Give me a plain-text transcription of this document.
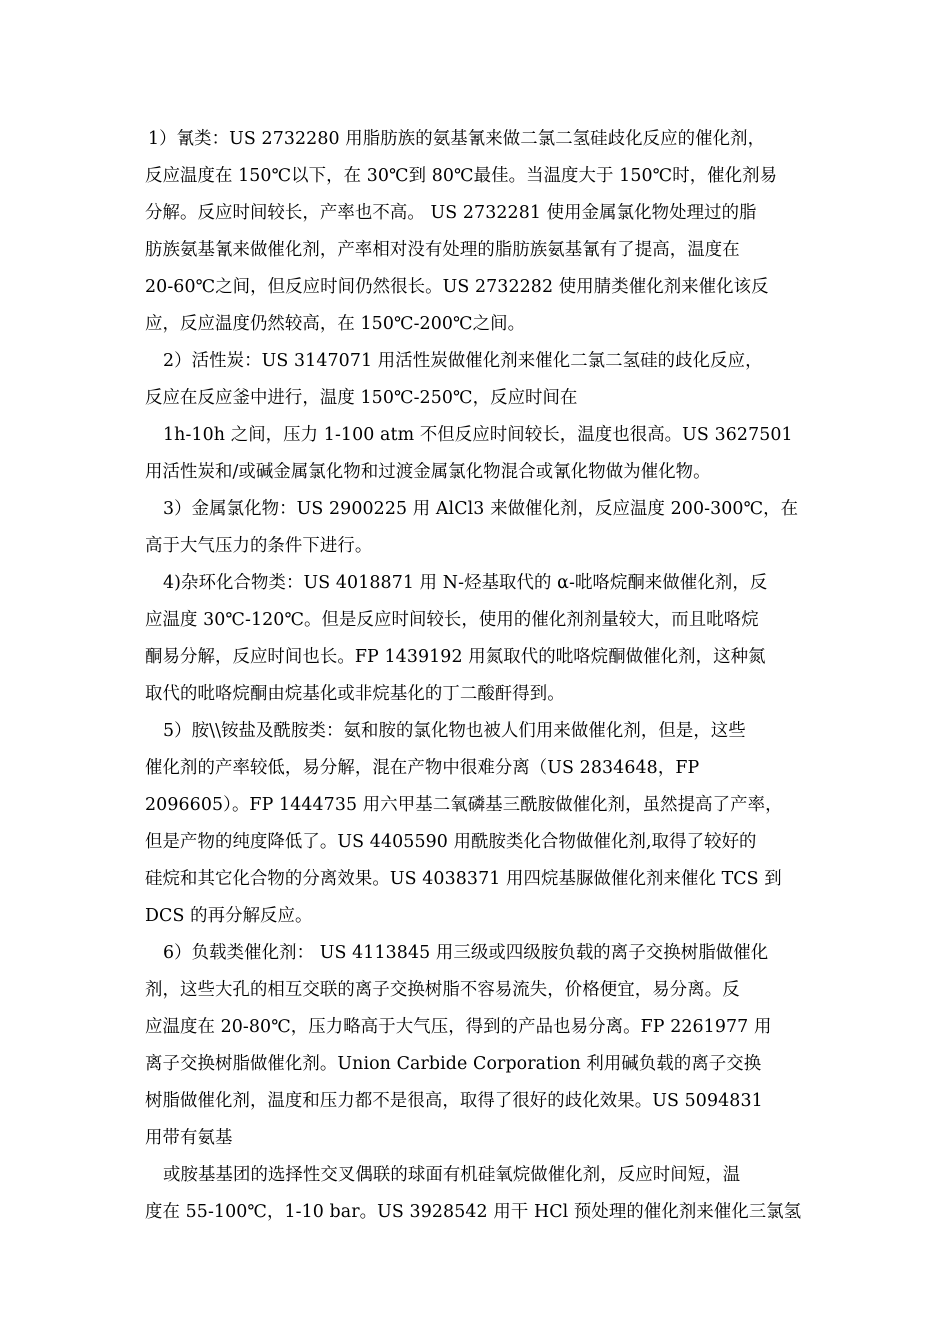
1）氰类：US 2732280 用脂肪族的氨基氰来做二氯二氢硅歧化反应的催化剂，
反应温度在 150℃以下，在 30℃到 80℃最佳。当温度大于 150℃时，催化剂易
分解。反应时间较长，产率也不高。 US 2732281 使用金属氯化物处理过的脂
肪族氨基氰来做催化剂，产率相对没有处理的脂肪族氨基氰有了提高，温度在
20-60℃之间，但反应时间仍然很长。US 2732282 使用腈类催化剂来催化该反
应，反应温度仍然较高，在 150℃-200℃之间。
2）活性炭：US 3147071 用活性炭做催化剂来催化二氯二氢硅的歧化反应，
反应在反应釜中进行，温度 150℃-250℃，反应时间在
1h-10h 之间，压力 1-100 atm 不但反应时间较长，温度也很高。US 3627501
用活性炭和/或碱金属氯化物和过渡金属氯化物混合或氰化物做为催化物。
3）金属氯化物：US 2900225 用 AlCl3 来做催化剂，反应温度 200-300℃，在
高于大气压力的条件下进行。
4)杂环化合物类：US 4018871 用 N-烃基取代的 α-吡咯烷酮来做催化剂，反
应温度 30℃-120℃。但是反应时间较长，使用的催化剂剂量较大，而且吡咯烷
酮易分解，反应时间也长。FP 1439192 用氮取代的吡咯烷酮做催化剂，这种氮
取代的吡咯烷酮由烷基化或非烷基化的丁二酸酐得到。
5）胺\\铵盐及酰胺类：氨和胺的氯化物也被人们用来做催化剂，但是，这些
催化剂的产率较低，易分解，混在产物中很难分离（US 2834648，FP
2096605）。FP 1444735 用六甲基二氧磷基三酰胺做催化剂，虽然提高了产率，
但是产物的纯度降低了。US 4405590 用酰胺类化合物做催化剂,取得了较好的
硅烷和其它化合物的分离效果。US 4038371 用四烷基脲做催化剂来催化 TCS 到
DCS 的再分解反应。
6）负载类催化剂： US 4113845 用三级或四级胺负载的离子交换树脂做催化
剂，这些大孔的相互交联的离子交换树脂不容易流失，价格便宜，易分离。反
应温度在 20-80℃，压力略高于大气压，得到的产品也易分离。FP 2261977 用
离子交换树脂做催化剂。Union Carbide Corporation 利用碱负载的离子交换
树脂做催化剂，温度和压力都不是很高，取得了很好的歧化效果。US 5094831
用带有氨基
或胺基基团的选择性交叉偶联的球面有机硅氧烷做催化剂，反应时间短，温
度在 55-100℃，1-10 bar。US 3928542 用干 HCl 预处理的催化剂来催化三氯氢
